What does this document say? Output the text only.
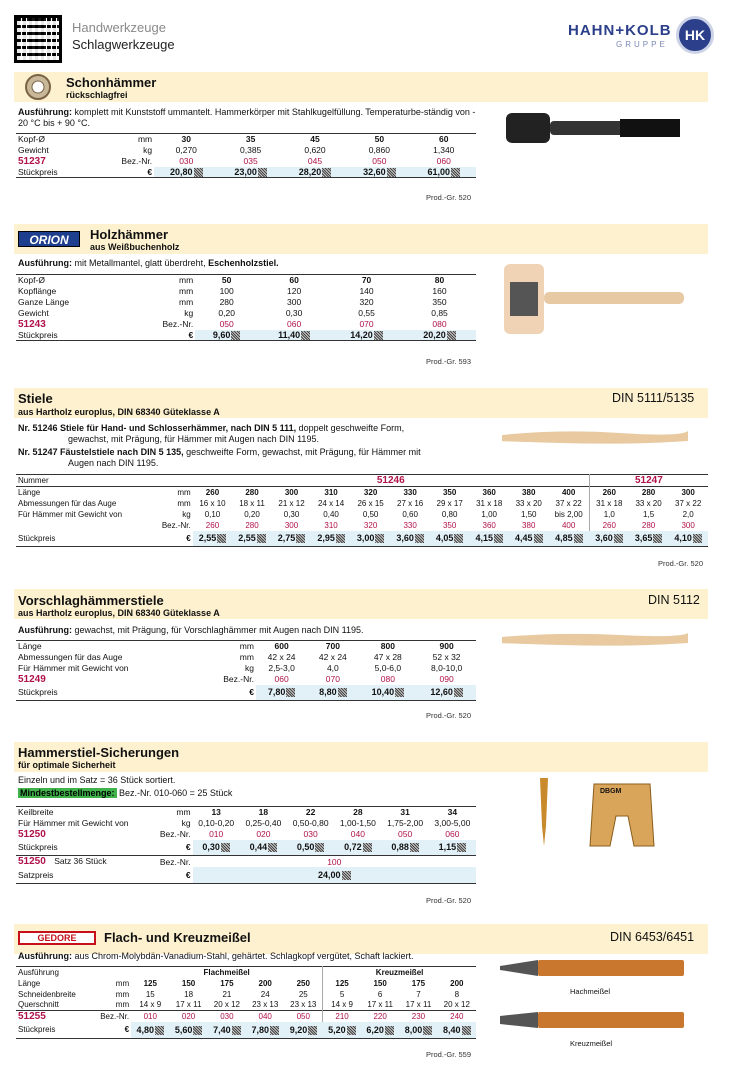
Handwerkzeuge
Schlagwerkzeuge
HAHN+KOLB
GRUPPE
HK
Schonhämmer
rückschlagfrei
Ausführung: komplett mit Kunststoff ummantelt. Hammerkörper mit Stahlkugelfüllung. Temperaturbe-ständig von - 20 °C bis + 90 °C.
Kopf-Ø	mm	30	35	45	50	60
Gewicht	kg	0,270	0,385	0,620	0,860	1,340
51237	Bez.-Nr.	030	035	045	050	060
Stückpreis	€	20,80	23,00	28,20	32,60	61,00
Prod.-Gr. 520
ORION	Holzhämmer
aus Weißbuchenholz
Ausführung: mit Metallmantel, glatt überdreht, Eschenholzstiel.
Kopf-Ø	mm	50	60	70	80
Kopflänge	mm	100	120	140	160
Ganze Länge	mm	280	300	320	350
Gewicht	kg	0,20	0,30	0,55	0,85
51243	Bez.-Nr.	050	060	070	080
Stückpreis	€	9,60	11,40	14,20	20,20
Prod.-Gr. 593
Stiele	DIN 5111/5135
aus Hartholz europlus, DIN 68340 Güteklasse A
Nr. 51246 Stiele für Hand- und Schlosserhämmer, nach DIN 5 111, doppelt geschweifte Form,
gewachst, mit Prägung, für Hämmer mit Augen nach DIN 1195.
Nr. 51247 Fäustelstiele nach DIN 5 135, geschweifte Form, gewachst, mit Prägung, für Hämmer mit
Augen nach DIN 1195.
Nummer		51246										51247		
Länge	mm	260	280	300	310	320	330	350	360	380	400	260	280	300
Abmessungen für das Auge	mm	16 x 10	18 x 11	21 x 12	24 x 14	26 x 15	27 x 16	29 x 17	31 x 18	33 x 20	37 x 22	31 x 18	33 x 20	37 x 22
Für Hämmer mit Gewicht von	kg	0,10	0,20	0,30	0,40	0,50	0,60	0,80	1,00	1,50	bis 2,00	1,0	1,5	2,0
	Bez.-Nr.	260	280	300	310	320	330	350	360	380	400	260	280	300
Stückpreis	€	2,55	2,55	2,75	2,95	3,00	3,60	4,05	4,15	4,45	4,85	3,60	3,65	4,10
Prod.-Gr. 520
Vorschlaghämmerstiele	DIN 5112
aus Hartholz europlus, DIN 68340 Güteklasse A
Ausführung: gewachst, mit Prägung, für Vorschlaghämmer mit Augen nach DIN 1195.
Länge	mm	600	700	800	900
Abmessungen für das Auge	mm	42 x 24	42 x 24	47 x 28	52 x 32
Für Hämmer mit Gewicht von	kg	2,5-3,0	4,0	5,0-6,0	8,0-10,0
51249	Bez.-Nr.	060	070	080	090
Stückpreis	€	7,80	8,80	10,40	12,60
Prod.-Gr. 520
Hammerstiel-Sicherungen
für optimale Sicherheit
Einzeln und im Satz = 36 Stück sortiert.
Mindestbestellmenge: Bez.-Nr. 010-060 = 25 Stück	DBGM
Keilbreite	mm	13	18	22	28	31	34
Für Hämmer mit Gewicht von	kg	0,10-0,20	0,25-0,40	0,50-0,80	1,00-1,50	1,75-2,00	3,00-5,00
51250	Bez.-Nr.	010	020	030	040	050	060
Stückpreis	€	0,30	0,44	0,50	0,72	0,88	1,15
51250 Satz 36 Stück	Bez.-Nr.	100					
Satzpreis	€	24,00					
Prod.-Gr. 520
GEDORE	Flach- und Kreuzmeißel	DIN 6453/6451
Ausführung: aus Chrom-Molybdän-Vanadium-Stahl, gehärtet. Schlagkopf vergütet, Schaft lackiert.
Hachmeißel
Kreuzmeißel
Ausführung		Flachmeißel					Kreuzmeißel			
Länge	mm	125	150	175	200	250	125	150	175	200
Schneidenbreite	mm	15	18	21	24	25	5	6	7	8
Querschnitt	mm	14 x 9	17 x 11	20 x 12	23 x 13	23 x 13	14 x 9	17 x 11	17 x 11	20 x 12
51255	Bez.-Nr.	010	020	030	040	050	210	220	230	240
Stückpreis	€	4,80	5,60	7,40	7,80	9,20	5,20	6,20	8,00	8,40
Prod.-Gr. 559
